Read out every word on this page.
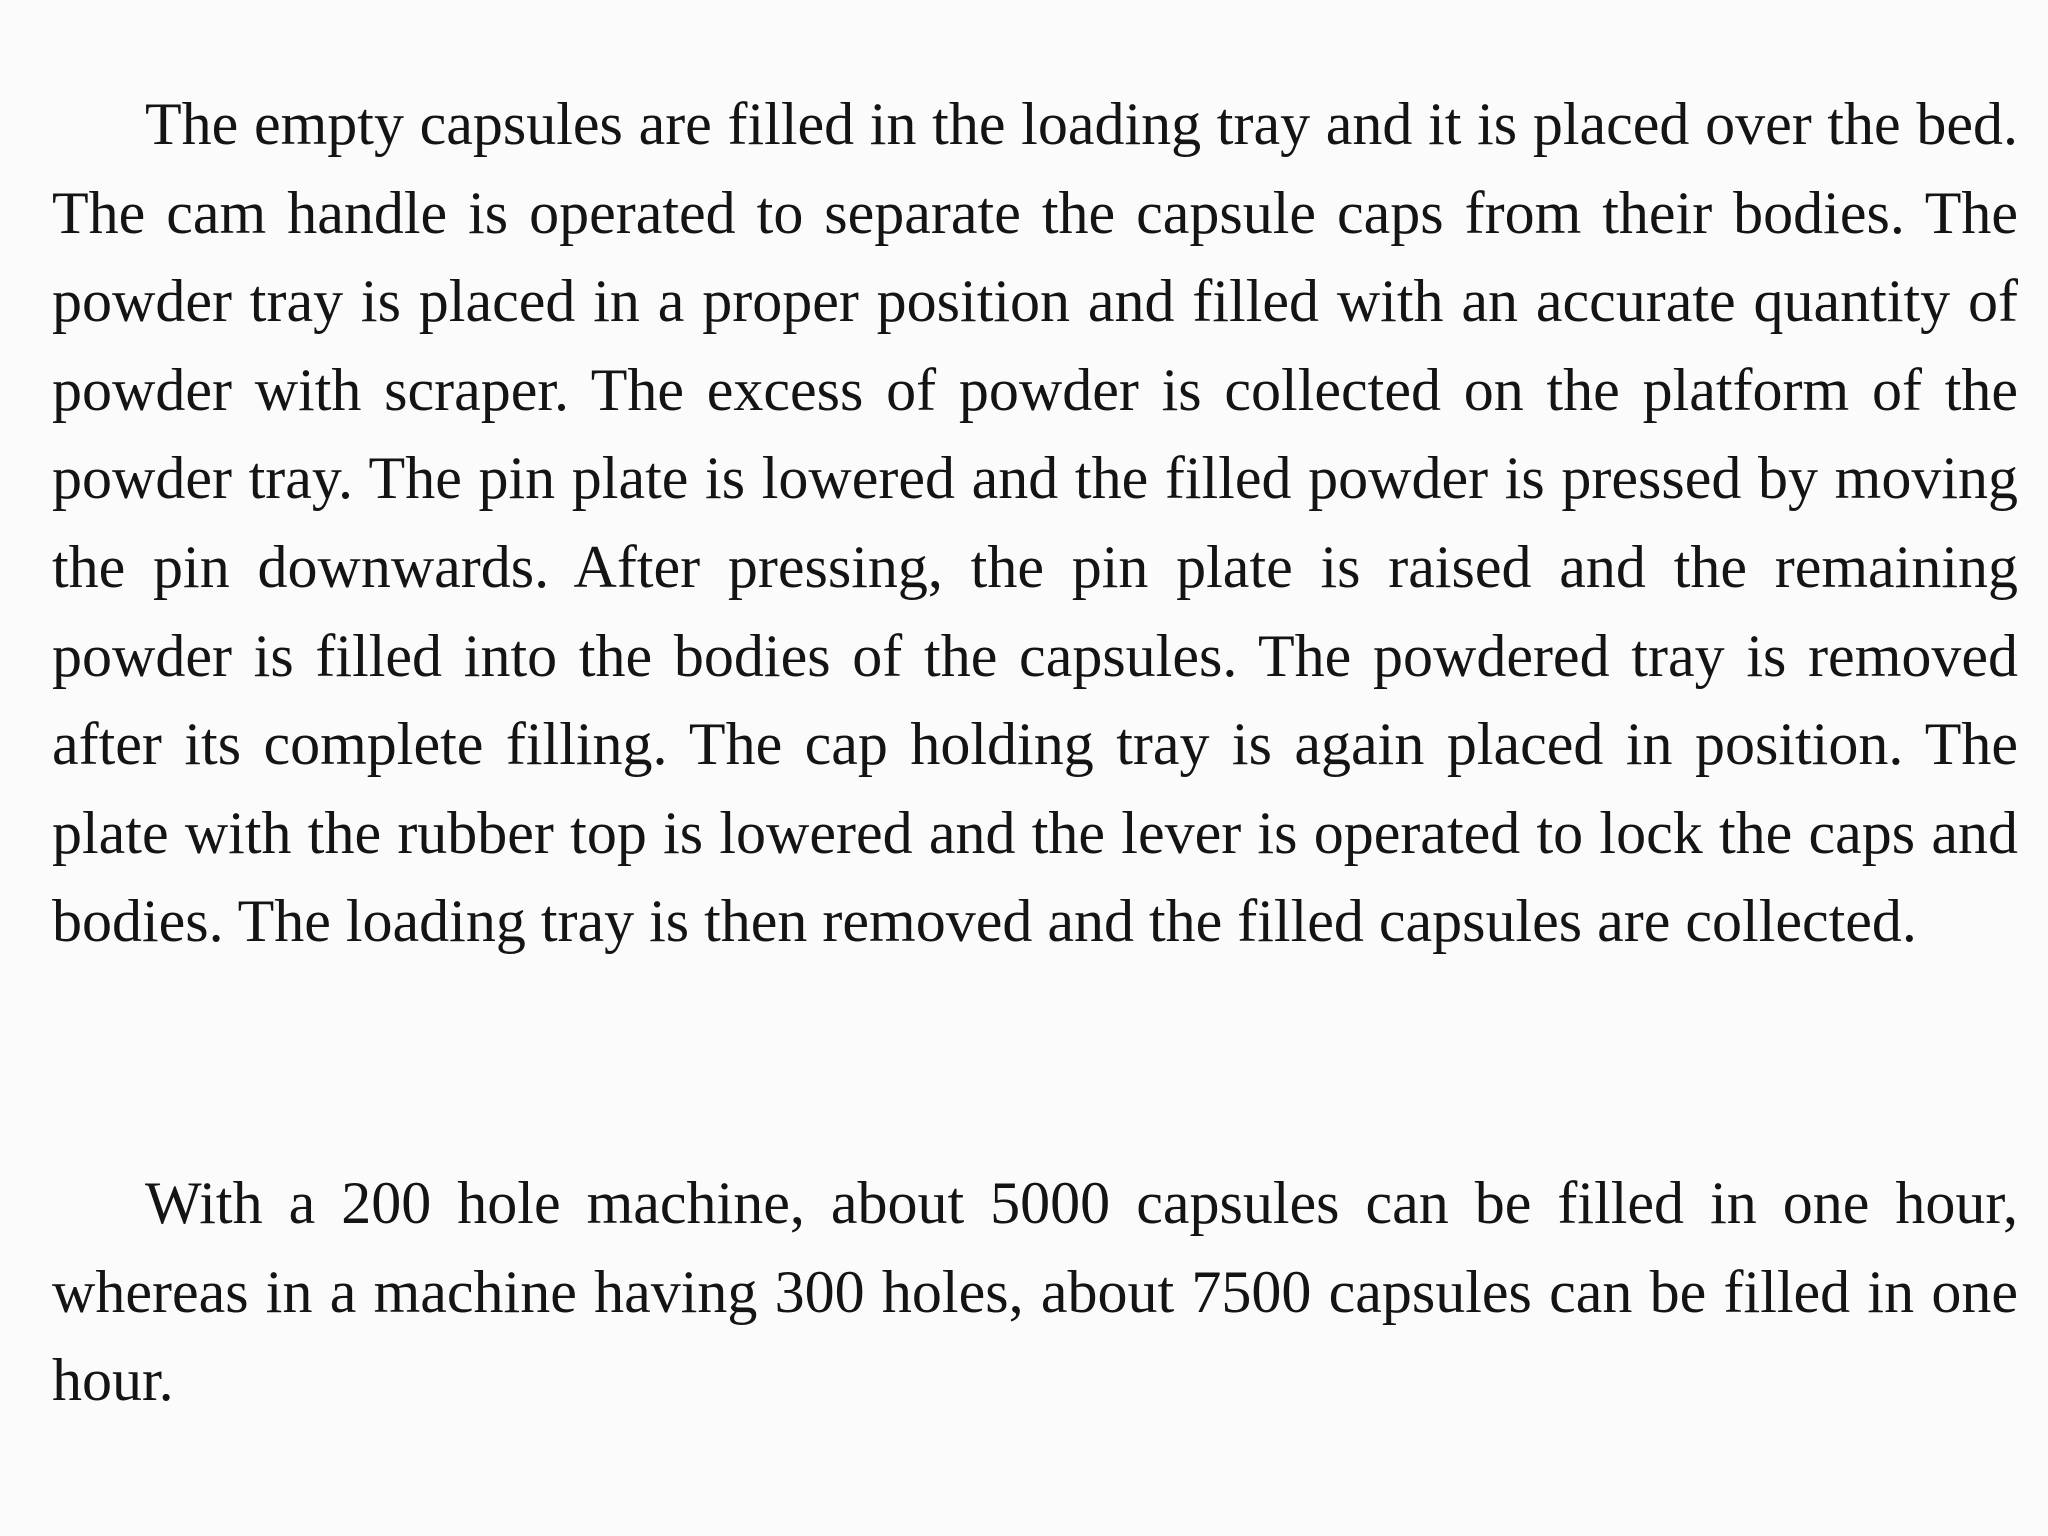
The empty capsules are filled in the loading tray and it is placed over the bed. The cam handle is operated to separate the capsule caps from their bodies. The powder tray is placed in a proper position and filled with an accurate quantity of powder with scraper. The excess of powder is collected on the platform of the powder tray. The pin plate is lowered and the filled powder is pressed by moving the pin downwards. After pressing, the pin plate is raised and the remaining powder is filled into the bodies of the capsules. The powdered tray is removed after its complete filling. The cap holding tray is again placed in position. The plate with the rubber top is lowered and the lever is operated to lock the caps and bodies. The loading tray is then removed and the filled capsules are collected.

With a 200 hole machine, about 5000 capsules can be filled in one hour, whereas in a machine having 300 holes, about 7500 capsules can be filled in one hour.
